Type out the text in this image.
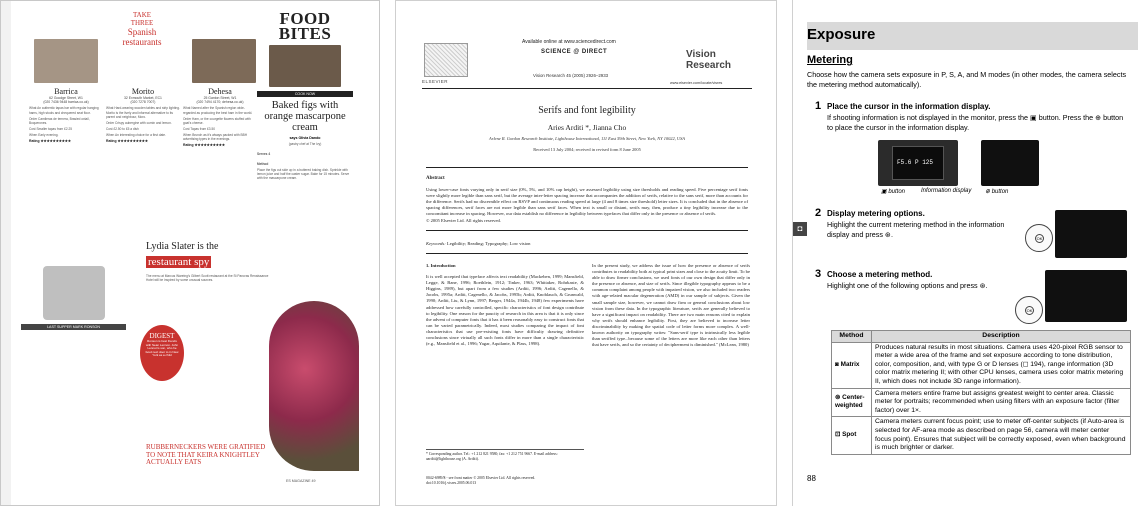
TAKE
THREE
Spanish
restaurants
Barrica
62 Goodge Street, W1
(020 7436 9448 barrica.co.uk)
What An authentic tapas bar with regular hanging hams, high stools and chequered seat floor.
Order Camileras de ternera, Brasied oxtail, Boquerones.
Cost Smaller tapas from £2.25
When Early evening.
Rating ★★★★★★★★★★
Morito
32 Exmouth Market, EC1
(020 7278 7007)
What Hard-wearing wooden tables and strip lighting. Morito is the lively and informal alternative to its parent and neighbour, Moro.
Order Crispy aubergine with cumin and lemon.
Cost £2.50 to £5 a dish
When An interesting choice for a first date.
Rating ★★★★★★★★★★
Dehesa
25 Ganton Street, W1
(020 7494 4170; dehesa.co.uk)
What Named after the Spanish region wide-regarded as producing the best ham in the world.
Order Ham, or the courgette flowers stuffed with goat's cheese.
Cost Tapas from £3.50
When Brunch as it's always packed with BBH advertising types in the evenings.
Rating ★★★★★★★★★★
FOOD
BITES
COOK NOW
Baked figs with orange mascarpone cream
says Olivia Dando
(pastry chef at The Ivy)
Serves 4
Method
Place the figs cut side up in a buttered baking dish. Sprinkle with lemon juice and half the caster sugar. Bake for 15 minutes. Serve with the mascarpone cream.
Lydia Slater is the
restaurant spy
The menu at Marcus Wareing's Gilbert Scott restaurant at the St Pancras Renaissance Hotel will be inspired by some unusual sources.
LAST SUPPER MARK RONSON
DIGEST
Ronson is best friends with Sean Lennon. John Lennon's son, who he lived next door to in New York as a child
RUBBERNECKERS WERE GRATIFIED TO NOTE THAT KEIRA KNIGHTLEY ACTUALLY EATS
ES MAGAZINE 49
Available online at www.sciencedirect.com
SCIENCE @ DIRECT
ELSEVIER
Vision Research 45 (2005) 2926–2933
Vision Research
www.elsevier.com/locate/visres
Serifs and font legibility
Aries Arditi *, Jianna Cho
Arlene R. Gordon Research Institute, Lighthouse International, 111 East 59th Street, New York, NY 10022, USA
Received 13 July 2004; received in revised form 8 June 2005
Abstract
Using lower-case fonts varying only in serif size (0%, 5%, and 10% cap height), we assessed legibility using size thresholds and reading speed. Five percentage serif fonts were slightly more legible than sans serif, but the average inter-letter spacing increase that accompanies the addition of serifs, relative to the sans serif, more than accounts for the difference. Serifs had no discernible effect on RSVP and continuous reading speed at large (4 and 8 times size threshold) letter sizes. It is concluded that in the absence of spacing differences, serif faces are not more legible than sans serif faces. When text is small or distant, serifs may, then, produce a tiny legibility increase due to the concomitant increase in spacing. However, our data establish no difference in legibility between typefaces that differ only in the presence or absence of serifs.
© 2005 Elsevier Ltd. All rights reserved.
Keywords: Legibility; Reading; Typography; Low vision
1. Introduction
It is well accepted that typeface affects text readability (Mackeben, 1999; Mansfield, Legge, & Bane, 1996; Roethlein, 1912; Tinker, 1963; Whittaker, Rohrkaste, & Higgins, 1989), but apart from a few studies (Arditi, 1996; Arditi, Cagenello, & Jacobs, 1995a; Arditi, Cagenello, & Jacobs, 1995b; Arditi, Knoblauch, & Grunwald, 1990; Arditi, Liu, & Lynn, 1997; Berger, 1944a, 1944b, 1948) few experiments have addressed how carefully controlled, specific characteristics of font design contribute to legibility. One reason for the paucity of research in this area is that it is only since the advent of computer fonts that it has it been reasonably easy to construct fonts that can be varied parametrically. Indeed, most studies comparing the impact of font characteristics that use pre-existing fonts have difficulty drawing definitive conclusions since virtually all such fonts differ in more than a single characteristic (e.g., Mansfield et al., 1996; Yagar, Aquilante, & Plass, 1998).
In the present study, we address the issue of how the presence or absence of serifs contributes to readability both at typical print sizes and close to the acuity limit. To be able to draw firmer conclusions, we used fonts of our own design that differ only in the presence or absence, and size of serifs. Since illegible typography appears to be a common complaint among people with impaired vision, we also included two readers with age-related macular degeneration (AMD) in our sample of subjects. Given the small sample size, however, we cannot draw firm or general conclusions about low vision from these data. In the typographic literature, serifs are generally believed to have a significant impact on readability. There are two main reasons cited to explain why serifs should enhance legibility. First, they are believed to increase letter discriminability by making the spatial code of letter forms more complex. A well-known authority on typography writes: "Sans-serif type is intrinsically less legible than seriffed type...because some of the letters are more like each other than letters that have serifs, and so the certainty of decipherment is diminished." (McLean, 1980)
* Corresponding author. Tel.: +1 212 821 9580; fax: +1 212 751 9667. E-mail address: aarditi@lighthouse.org (A. Arditi).
0042-6989/$ - see front matter © 2005 Elsevier Ltd. All rights reserved. doi:10.1016/j.visres.2005.06.013
Exposure
Metering
Choose how the camera sets exposure in P, S, A, and M modes (in other modes, the camera selects the metering method automatically).
1 Place the cursor in the information display.
If shooting information is not displayed in the monitor, press the ▣ button. Press the ⊕ button to place the cursor in the information display.
F5.6 P 125
▣ button	Information display ⊕ button
◘
2 Display metering options.
Highlight the current metering method in the information display and press ⊛.	OK
3 Choose a metering method.
Highlight one of the following options and press ⊛.
OK
Method	Description
◙ Matrix	Produces natural results in most situations. Camera uses 420-pixel RGB sensor to meter a wide area of the frame and set exposure according to tone distribution, color, composition, and, with type G or D lenses (◻ 194), range information (3D color matrix metering II; with other CPU lenses, camera uses color matrix metering II, which does not include 3D range information).
⊚ Center-weighted	Camera meters entire frame but assigns greatest weight to center area. Classic meter for portraits; recommended when using filters with an exposure factor (filter factor) over 1×.
⊡ Spot	Camera meters current focus point; use to meter off-center subjects (if Auto-area is selected for AF-area mode as described on page 56, camera will meter center focus point). Ensures that subject will be correctly exposed, even when background is much brighter or darker.
88
